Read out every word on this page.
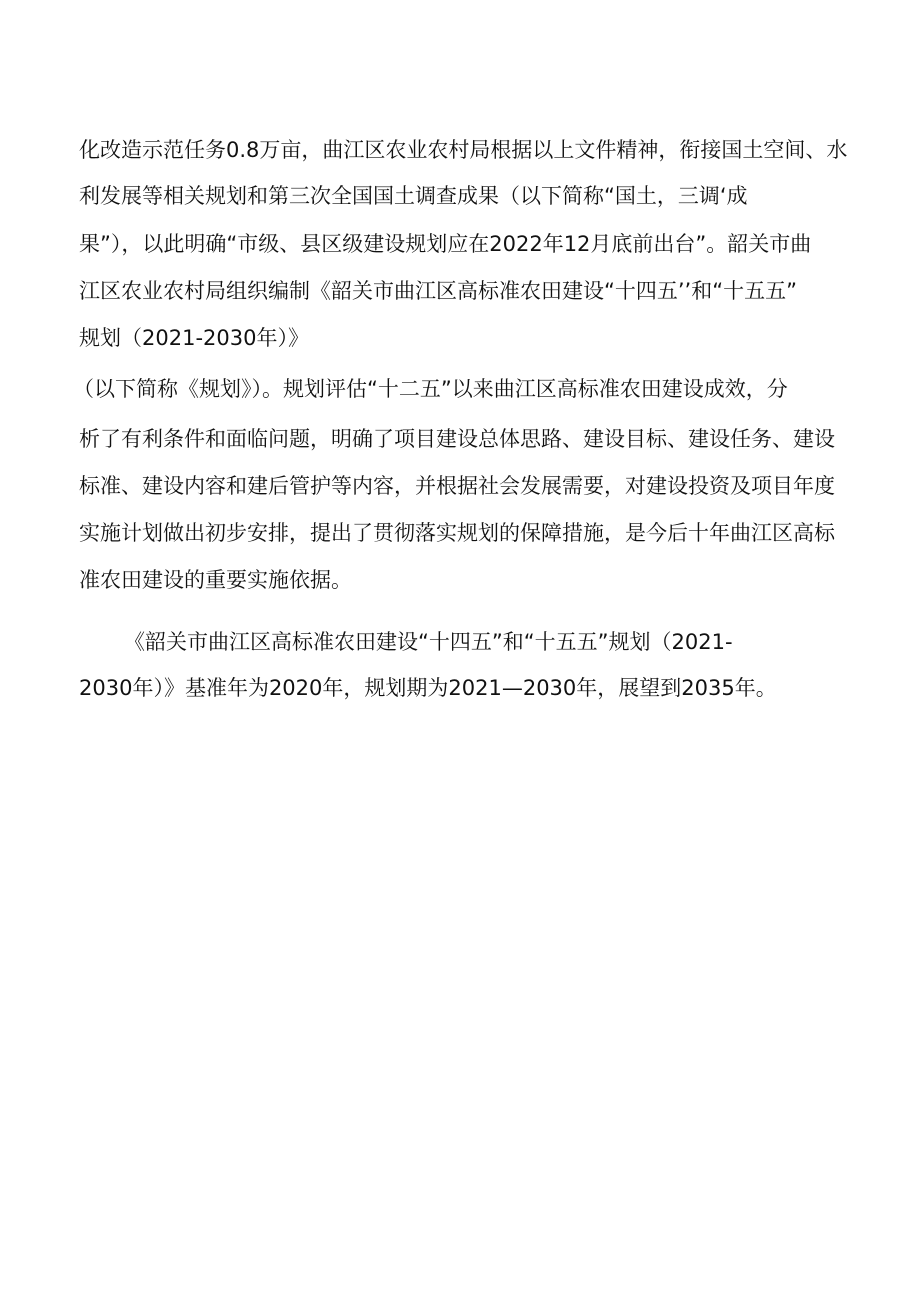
化改造示范任务0.8万亩，曲江区农业农村局根据以上文件精神，衔接国土空间、水
利发展等相关规划和第三次全国国土调查成果（以下简称“国土，三调‘成
果”），以此明确“市级、县区级建设规划应在2022年12月底前出台”。韶关市曲
江区农业农村局组织编制《韶关市曲江区高标准农田建设“十四五’’和“十五五”
规划（2021-2030年）》
（以下简称《规划》）。规划评估“十二五”以来曲江区高标准农田建设成效，分
析了有利条件和面临问题，明确了项目建设总体思路、建设目标、建设任务、建设
标准、建设内容和建后管护等内容，并根据社会发展需要，对建设投资及项目年度
实施计划做出初步安排，提出了贯彻落实规划的保障措施，是今后十年曲江区高标
准农田建设的重要实施依据。
《韶关市曲江区高标准农田建设“十四五”和“十五五”规划（2021-
2030年）》基准年为2020年，规划期为2021—2030年，展望到2035年。
